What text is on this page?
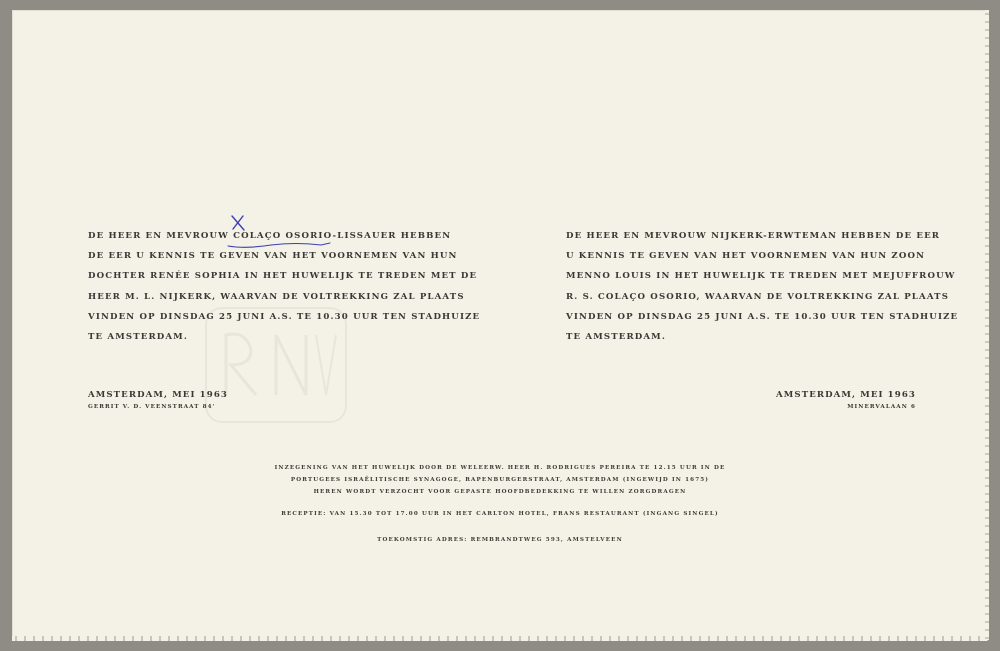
DE HEER EN MEVROUW COLAÇO OSORIO-LISSAUER HEBBEN
DE EER U KENNIS TE GEVEN VAN HET VOORNEMEN VAN HUN
DOCHTER RENÉE SOPHIA IN HET HUWELIJK TE TREDEN MET DE
HEER M. L. NIJKERK, WAARVAN DE VOLTREKKING ZAL PLAATS
VINDEN OP DINSDAG 25 JUNI A.S. TE 10.30 UUR TEN STADHUIZE
TE AMSTERDAM.
DE HEER EN MEVROUW NIJKERK-ERWTEMAN HEBBEN DE EER
U KENNIS TE GEVEN VAN HET VOORNEMEN VAN HUN ZOON
MENNO LOUIS IN HET HUWELIJK TE TREDEN MET MEJUFFROUW
R. S. COLAÇO OSORIO, WAARVAN DE VOLTREKKING ZAL PLAATS
VINDEN OP DINSDAG 25 JUNI A.S. TE 10.30 UUR TEN STADHUIZE
TE AMSTERDAM.
AMSTERDAM, MEI 1963
GERRIT V. D. VEENSTRAAT 84'
AMSTERDAM, MEI 1963
MINERVALAAN 6
INZEGENING VAN HET HUWELIJK DOOR DE WELEERW. HEER H. RODRIGUES PEREIRA TE 12.15 UUR IN DE
PORTUGEES ISRAËLITISCHE SYNAGOGE, RAPENBURGERSTRAAT, AMSTERDAM (INGEWIJD IN 1675)
HEREN WORDT VERZOCHT VOOR GEPASTE HOOFDBEDEKKING TE WILLEN ZORGDRAGEN
RECEPTIE: VAN 15.30 TOT 17.00 UUR IN HET CARLTON HOTEL, FRANS RESTAURANT (INGANG SINGEL)
TOEKOMSTIG ADRES: REMBRANDTWEG 593, AMSTELVEEN
